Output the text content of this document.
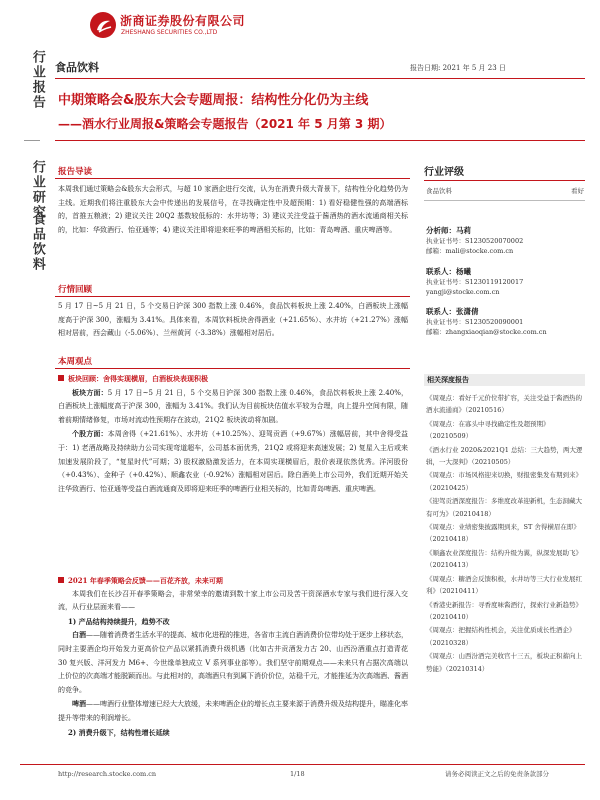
浙商证券股份有限公司
ZHESHANG SECURITIES CO.,LTD
行业报告
行业研究
食品饮料
食品饮料	报告日期: 2021 年 5 月 23 日
中期策略会&股东大会专题周报：结构性分化仍为主线
——酒水行业周报&策略会专题报告（2021 年 5 月第 3 期）
报告导读
本周我们通过策略会&股东大会形式，与超 10 家酒企进行交流，认为在消费升级大背景下，结构性分化趋势仍为主线。近期我们将注重股东大会中传递出的发展信号，在寻找确定性中及超预期：1) 看好稳健性强的高端酒标的，首推五粮液；2) 建议关注 20Q2 基数较低标的：水井坊等；3) 建议关注受益于酱酒热的酒水流通商相关标的，比如：华致酒行、怡亚通等；4) 建议关注即将迎来旺季的啤酒相关标的，比如：青岛啤酒、重庆啤酒等。
行情回顾
5 月 17 日~5 月 21 日，5 个交易日沪深 300 指数上涨 0.46%，食品饮料板块上涨 2.40%，白酒板块上涨幅度高于沪深 300，涨幅为 3.41%。具体来看，本周饮料板块舍得酒业（+21.65%）、水井坊（+21.27%）涨幅相对居前，西会藏山（-5.06%）、兰州黄河（-3.38%）涨幅相对居后。
本周观点
板块回顾：舍得实现横眉，白酒板块表现积极
板块方面：5 月 17 日~5 月 21 日，5 个交易日沪深 300 指数上涨 0.46%，食品饮料板块上涨 2.40%，白酒板块上涨幅度高于沪深 300，涨幅为 3.41%。我们认为目前板块估值水平较为合理，向上提升空间有限，随着前期情绪修复，市场对流动性预期存在波动，21Q2 板块波动将加剧。
个股方面：本周舍得（+21.61%）、水井坊（+10.25%）、迎驾贡酒（+9.67%）涨幅居前，其中舍得受益于：1) 老酒战略及持续助力公司实现弯道超车，公司基本面优秀，21Q2 或将迎来高速发展；2) 复星入主后或来加速发展阶段了，“复星时代”可期；3) 股权激励激发活力，在本周实现横眉后，股价表现依然优秀。洋河股份（+0.43%）、金种子（+0.42%）、顺鑫农业（-0.92%）涨幅相对居后。除白酒美上市公司外，我们近期开始关注华致酒行、怡亚通等受益白酒流通商及即将迎来旺季的啤酒行业相关标的，比如青岛啤酒、重庆啤酒。
2021 年春季策略会反馈——百花齐放，未来可期
本周我们在长沙召开春季策略会，非常荣幸的邀请到数十家上市公司及苦干资深酒水专家与我们进行深入交流，从行业层面来看——
1) 产品结构持续提升，趋势不改
白酒——随着消费者生活水平的提高、城市化进程的推进，各省市主流白酒消费价位带均处于逐步上移状态，同时主要酒企均开始发力更高价位产品以紧抓消费升级机遇（比如古井贡酒发力古 20、山西汾酒重点打造青花 30 复兴版、洋河发力 M6+、今世缘单独成立 V 系列事业部等）。我们坚守前期观点——未来只有占据次高端以上价位的次高端才能脱颖而出。与此相对的，高端酒只有到属下消价价位，站稳千元，才能推延为次高端酒、酱酒的竞争。
啤酒——啤酒行业整体增速已经大大放缓，未来啤酒企业的增长点主要来源于消费升级及结构提升，瞄准化率提升等带来的利润增长。
2) 消费升级下，结构性增长延续
行业评级
食品饮料	看好
分析师：马莉
执业证书号：S1230520070002
邮箱：mali@stocke.com.cn
联系人：杨曦
执业证书号：S1230119120017
yangji@stocke.com.cn
联系人：张潇倩
执业证书号：S1230520090001
邮箱：zhangxiaoqian@stocke.com.cn
相关深度报告
《周观点：看好千元价位带扩容，关注受益于酱酒热的酒水流通商》（20210516）
《周观点：在寡头中寻找确定性及超预期》（20210509）
《酒水行业 2020&2021Q1 总结：三大趋势，两大逻辑，一大深判》（20210505）
《周观点：市场风格迎来切换，财报密集发布期到来》（20210425）
《迎驾贡酒深度报告：多维度改革迎新机，生态洞藏大有可为》（20210418）
《周观点：业绩密集披露期到来，ST 舍得横眉在即》（20210418）
《顺鑫农业深度报告：结构升级为翼，纵深发展助飞》（20210413）
《周观点：糖酒会反馈积极，水井坊等三大行业发展红利》（20210411）
《香港史新报告：寻香度味酱酒行，探索行业新趋势》（20210410）
《周观点：把握结构性机会，关注优质成长性酒企》（20210328）
《周观点：山西汾酒完美收官十三五，板块正积蓄向上势能》（20210314）
http://research.stocke.com.cn	1/18	请务必阅读正文之后的免责条款部分
